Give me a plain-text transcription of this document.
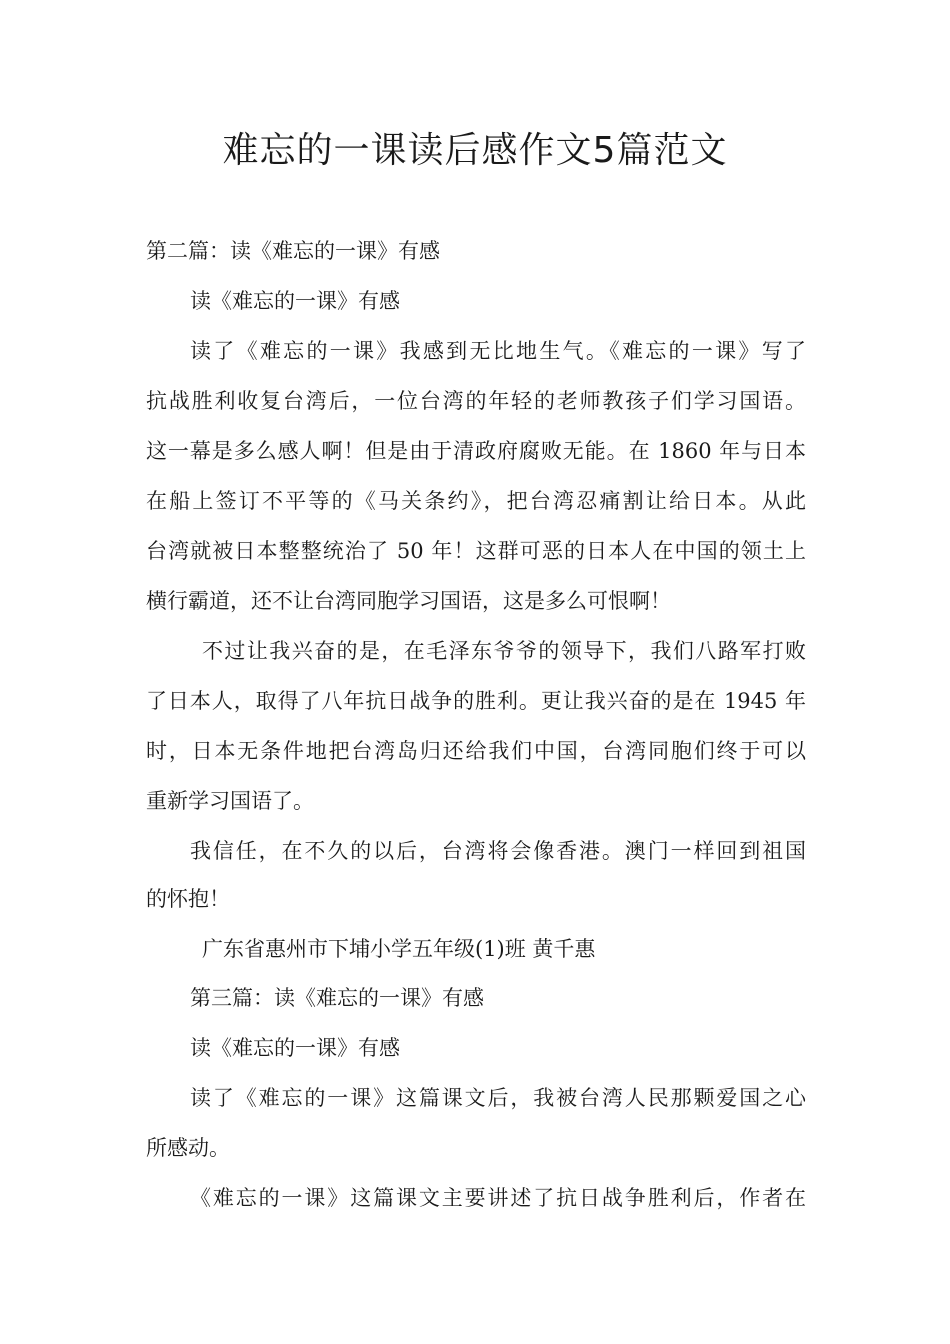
难忘的一课读后感作文5篇范文
第二篇：读《难忘的一课》有感
读《难忘的一课》有感
读了《难忘的一课》我感到无比地生气。《难忘的一课》写了
抗战胜利收复台湾后，一位台湾的年轻的老师教孩子们学习国语。
这一幕是多么感人啊！但是由于清政府腐败无能。在 1860 年与日本
在船上签订不平等的《马关条约》，把台湾忍痛割让给日本。从此
台湾就被日本整整统治了 50 年！这群可恶的日本人在中国的领土上
横行霸道，还不让台湾同胞学习国语，这是多么可恨啊！
不过让我兴奋的是，在毛泽东爷爷的领导下，我们八路军打败
了日本人，取得了八年抗日战争的胜利。更让我兴奋的是在 1945 年
时，日本无条件地把台湾岛归还给我们中国，台湾同胞们终于可以
重新学习国语了。
我信任，在不久的以后，台湾将会像香港。澳门一样回到祖国
的怀抱！
广东省惠州市下埔小学五年级(1)班 黄千惠
第三篇：读《难忘的一课》有感
读《难忘的一课》有感
读了《难忘的一课》这篇课文后，我被台湾人民那颗爱国之心
所感动。
《难忘的一课》这篇课文主要讲述了抗日战争胜利后，作者在
